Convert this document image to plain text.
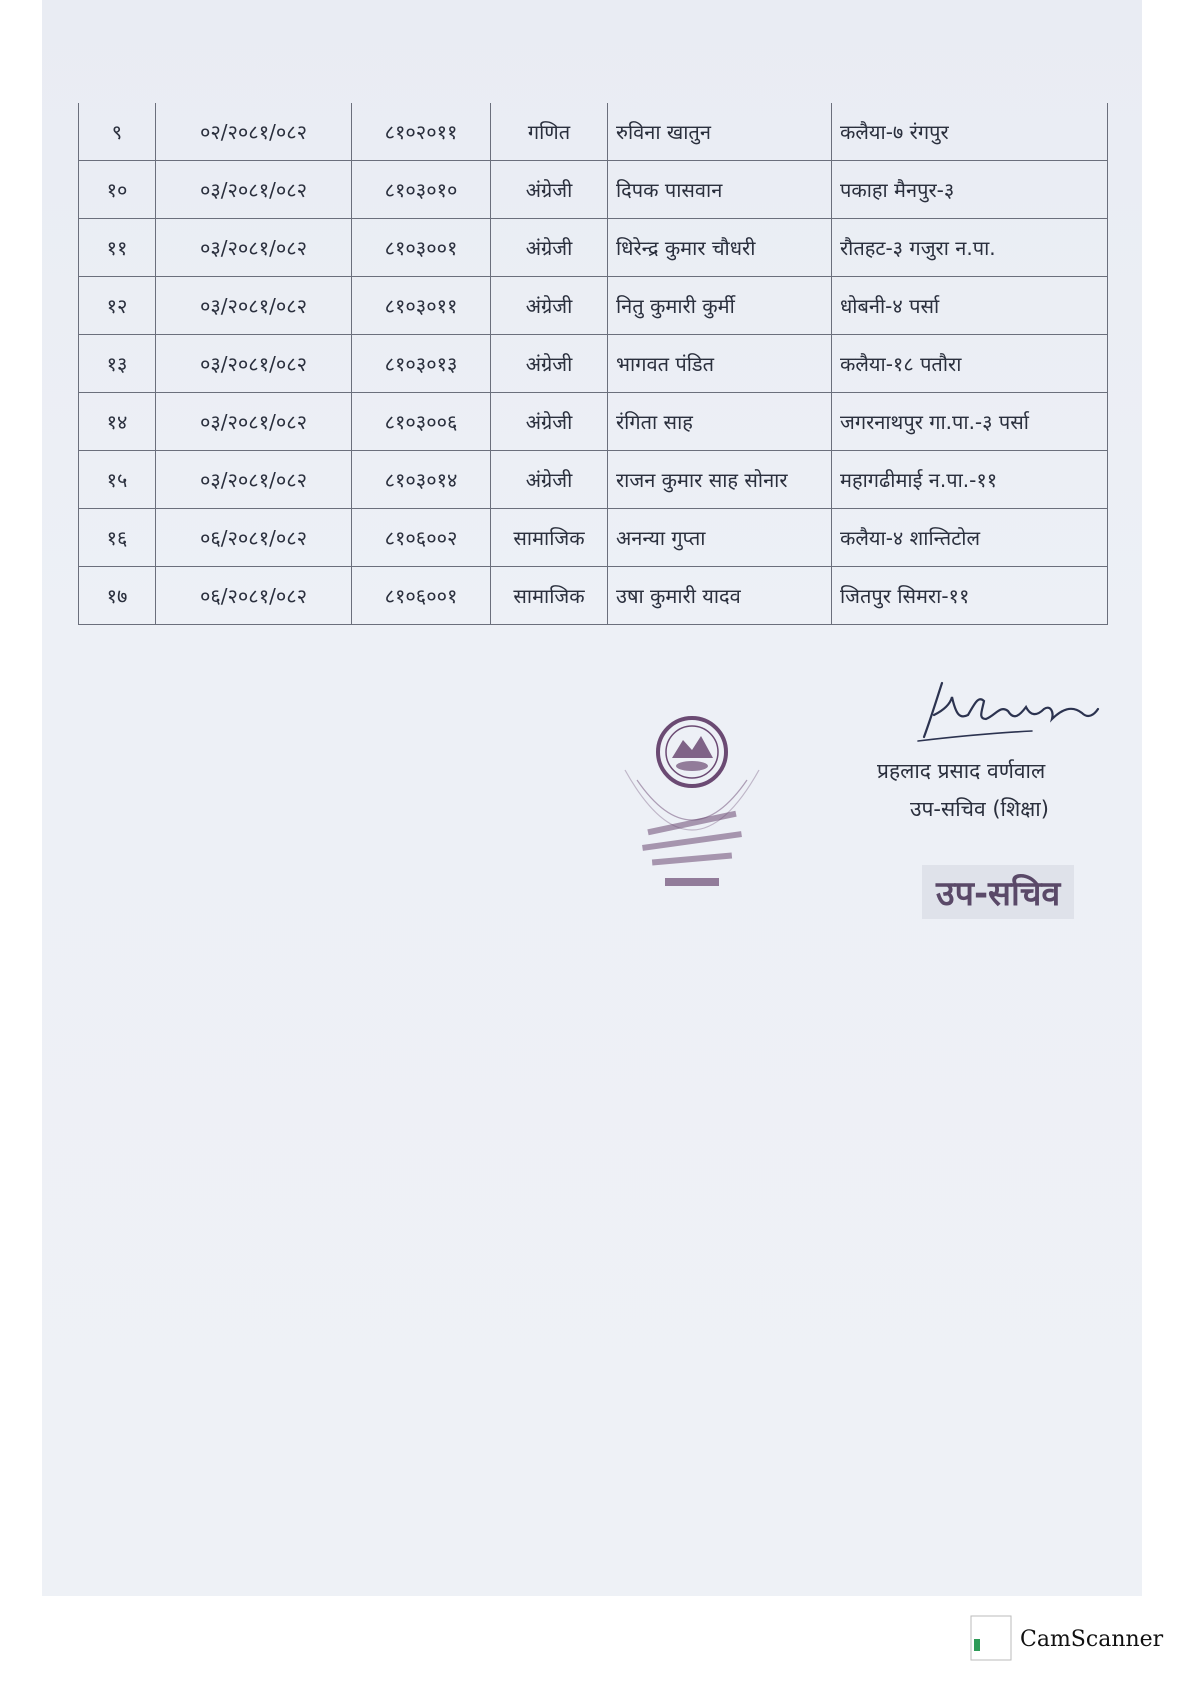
९	०२/२०८१/०८२	८१०२०११	गणित	रुविना खातुन	कलैया-७ रंगपुर
१०	०३/२०८१/०८२	८१०३०१०	अंग्रेजी	दिपक पासवान	पकाहा मैनपुर-३
११	०३/२०८१/०८२	८१०३००१	अंग्रेजी	धिरेन्द्र कुमार चौधरी	रौतहट-३ गजुरा न.पा.
१२	०३/२०८१/०८२	८१०३०११	अंग्रेजी	नितु कुमारी कुर्मी	धोबनी-४ पर्सा
१३	०३/२०८१/०८२	८१०३०१३	अंग्रेजी	भागवत पंडित	कलैया-१८ पतौरा
१४	०३/२०८१/०८२	८१०३००६	अंग्रेजी	रंगिता साह	जगरनाथपुर गा.पा.-३ पर्सा
१५	०३/२०८१/०८२	८१०३०१४	अंग्रेजी	राजन कुमार साह सोनार	महागढीमाई न.पा.-११
१६	०६/२०८१/०८२	८१०६००२	सामाजिक	अनन्या गुप्ता	कलैया-४ शान्तिटोल
१७	०६/२०८१/०८२	८१०६००१	सामाजिक	उषा कुमारी यादव	जितपुर सिमरा-११
प्रहलाद प्रसाद वर्णवाल
उप-सचिव (शिक्षा)
उप-सचिव
CamScanner
